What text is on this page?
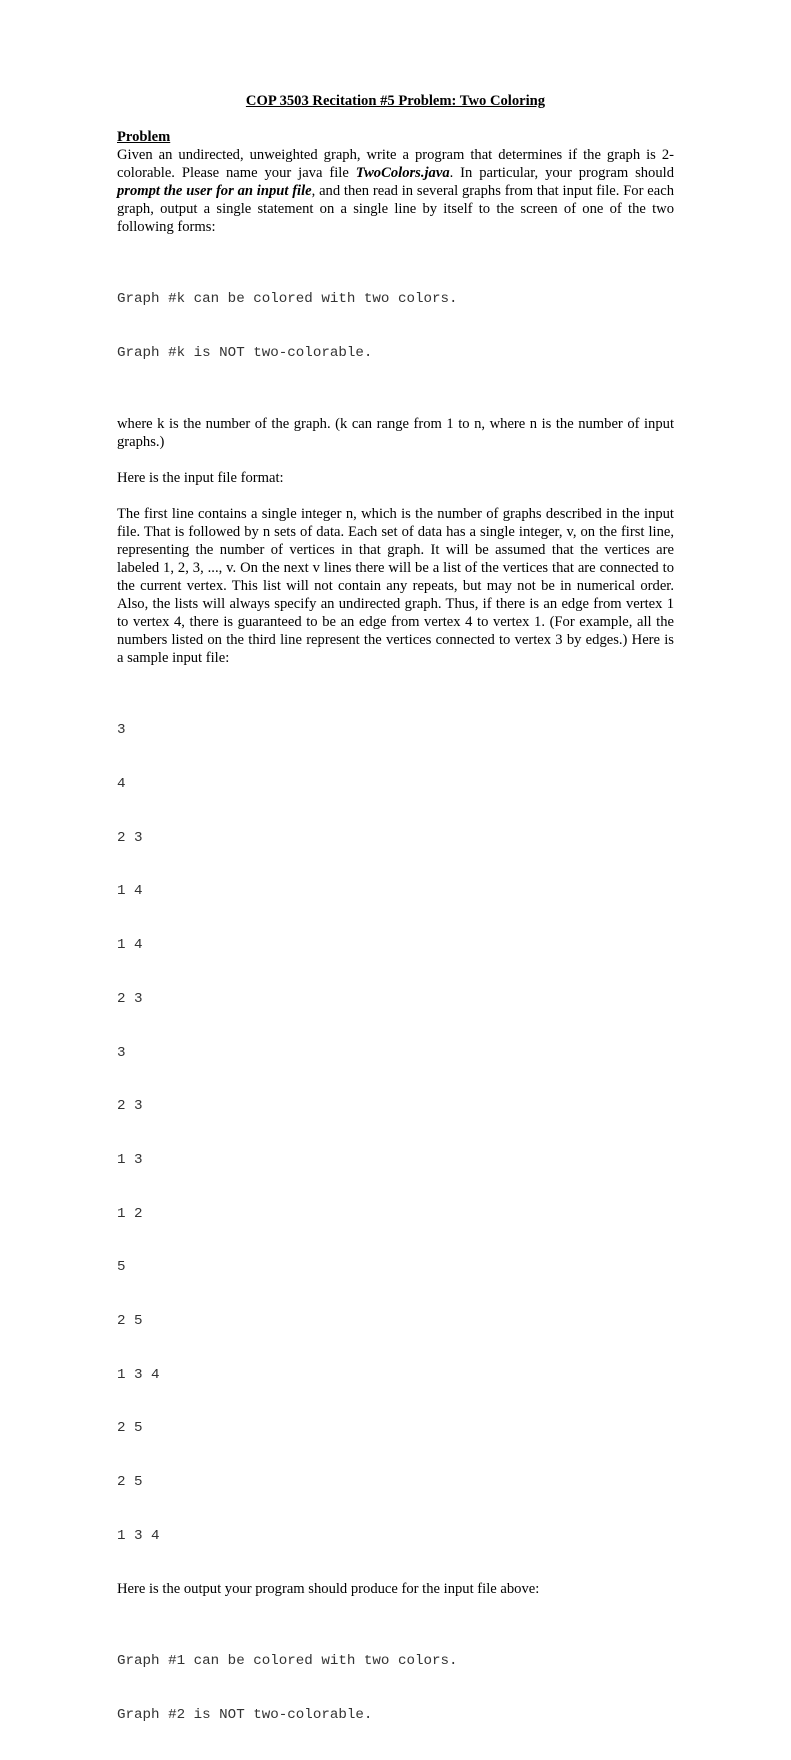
COP 3503 Recitation #5 Problem: Two Coloring
Problem

Given an undirected, unweighted graph, write a program that determines if the graph is 2-colorable. Please name your java file TwoColors.java. In particular, your program should prompt the user for an input file, and then read in several graphs from that input file. For each graph, output a single statement on a single line by itself to the screen of one of the two following forms:

Graph #k can be colored with two colors.

Graph #k is NOT two-colorable.

where k is the number of the graph. (k can range from 1 to n, where n is the number of input graphs.)

Here is the input file format:

The first line contains a single integer n, which is the number of graphs described in the input file. That is followed by n sets of data. Each set of data has a single integer, v, on the first line, representing the number of vertices in that graph. It will be assumed that the vertices are labeled 1, 2, 3, ..., v. On the next v lines there will be a list of the vertices that are connected to the current vertex. This list will not contain any repeats, but may not be in numerical order. Also, the lists will always specify an undirected graph. Thus, if there is an edge from vertex 1 to vertex 4, there is guaranteed to be an edge from vertex 4 to vertex 1. (For example, all the numbers listed on the third line represent the vertices connected to vertex 3 by edges.) Here is a sample input file:

3

4

2 3

1 4

1 4

2 3

3

2 3

1 3

1 2

5

2 5

1 3 4

2 5

2 5

1 3 4

Here is the output your program should produce for the input file above:

Graph #1 can be colored with two colors.

Graph #2 is NOT two-colorable.
